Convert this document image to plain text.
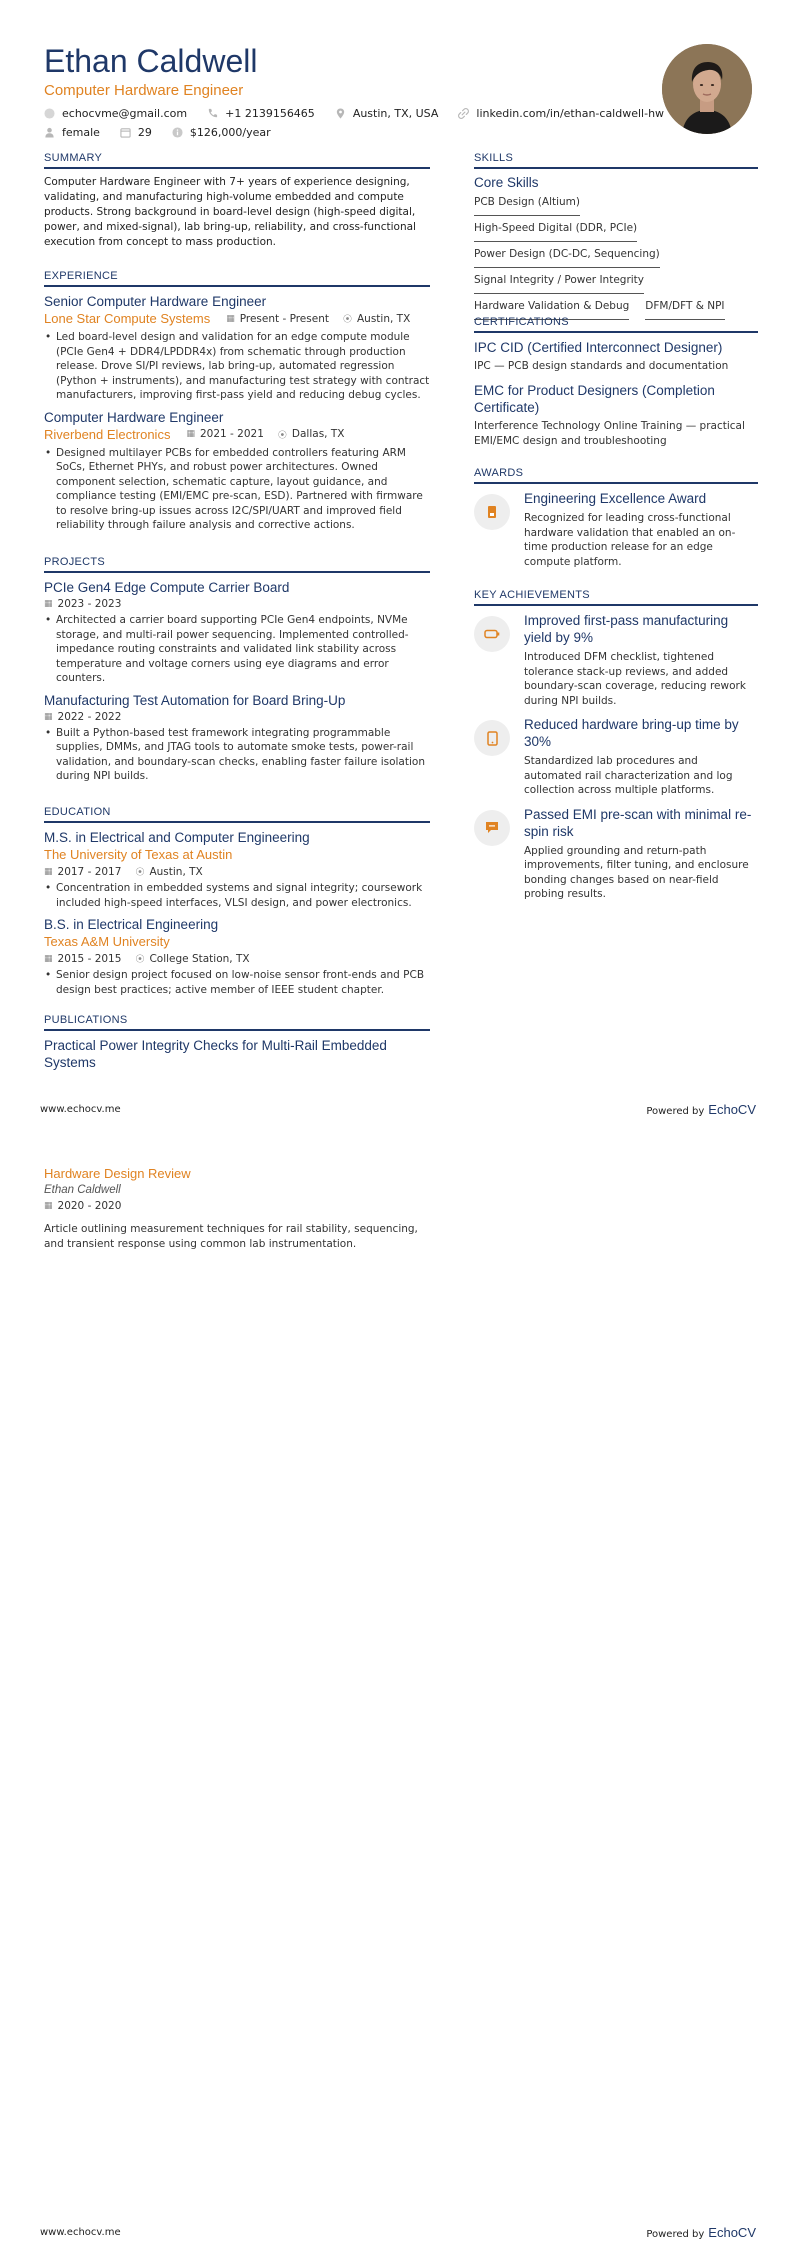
Ethan Caldwell
Computer Hardware Engineer
echocvme@gmail.com	+1 2139156465	Austin, TX, USA	linkedin.com/in/ethan-caldwell-hw
female	29	$126,000/year
SUMMARY
Computer Hardware Engineer with 7+ years of experience designing, validating, and manufacturing high-volume embedded and compute products. Strong background in board-level design (high-speed digital, power, and mixed-signal), lab bring-up, reliability, and cross-functional execution from concept to mass production.
EXPERIENCE
Senior Computer Hardware Engineer
Lone Star Compute Systems ▦ Present - Present ⦿ Austin, TX
• Led board-level design and validation for an edge compute module (PCIe Gen4 + DDR4/LPDDR4x) from schematic through production release. Drove SI/PI reviews, lab bring-up, automated regression (Python + instruments), and manufacturing test strategy with contract manufacturers, improving first-pass yield and reducing debug cycles.
Computer Hardware Engineer
Riverbend Electronics ▦ 2021 - 2021 ⦿ Dallas, TX
• Designed multilayer PCBs for embedded controllers featuring ARM SoCs, Ethernet PHYs, and robust power architectures. Owned component selection, schematic capture, layout guidance, and compliance testing (EMI/EMC pre-scan, ESD). Partnered with firmware to resolve bring-up issues across I2C/SPI/UART and improved field reliability through failure analysis and corrective actions.
PROJECTS
PCIe Gen4 Edge Compute Carrier Board
▦ 2023 - 2023
• Architected a carrier board supporting PCIe Gen4 endpoints, NVMe storage, and multi-rail power sequencing. Implemented controlled-impedance routing constraints and validated link stability across temperature and voltage corners using eye diagrams and error counters.
Manufacturing Test Automation for Board Bring-Up
▦ 2022 - 2022
• Built a Python-based test framework integrating programmable supplies, DMMs, and JTAG tools to automate smoke tests, power-rail validation, and boundary-scan checks, enabling faster failure isolation during NPI builds.
EDUCATION
M.S. in Electrical and Computer Engineering
The University of Texas at Austin
▦ 2017 - 2017 ⦿ Austin, TX
• Concentration in embedded systems and signal integrity; coursework included high-speed interfaces, VLSI design, and power electronics.
B.S. in Electrical Engineering
Texas A&M University
▦ 2015 - 2015 ⦿ College Station, TX
• Senior design project focused on low-noise sensor front-ends and PCB design best practices; active member of IEEE student chapter.
PUBLICATIONS
Practical Power Integrity Checks for Multi-Rail Embedded Systems
SKILLS
Core Skills
PCB Design (Altium)
High-Speed Digital (DDR, PCIe)
Power Design (DC-DC, Sequencing)
Signal Integrity / Power Integrity
Hardware Validation & Debug DFM/DFT & NPI
CERTIFICATIONS
IPC CID (Certified Interconnect Designer)
IPC — PCB design standards and documentation
EMC for Product Designers (Completion Certificate)
Interference Technology Online Training — practical EMI/EMC design and troubleshooting
AWARDS
Engineering Excellence Award
Recognized for leading cross-functional hardware validation that enabled an on-time production release for an edge compute platform.
KEY ACHIEVEMENTS
Improved first-pass manufacturing yield by 9%
Introduced DFM checklist, tightened tolerance stack-up reviews, and added boundary-scan coverage, reducing rework during NPI builds.
Reduced hardware bring-up time by 30%
Standardized lab procedures and automated rail characterization and log collection across multiple platforms.
Passed EMI pre-scan with minimal re-spin risk
Applied grounding and return-path improvements, filter tuning, and enclosure bonding changes based on near-field probing results.
www.echocv.me	Powered by EchoCV
Hardware Design Review
Ethan Caldwell
▦ 2020 - 2020
Article outlining measurement techniques for rail stability, sequencing, and transient response using common lab instrumentation.
www.echocv.me	Powered by EchoCV
